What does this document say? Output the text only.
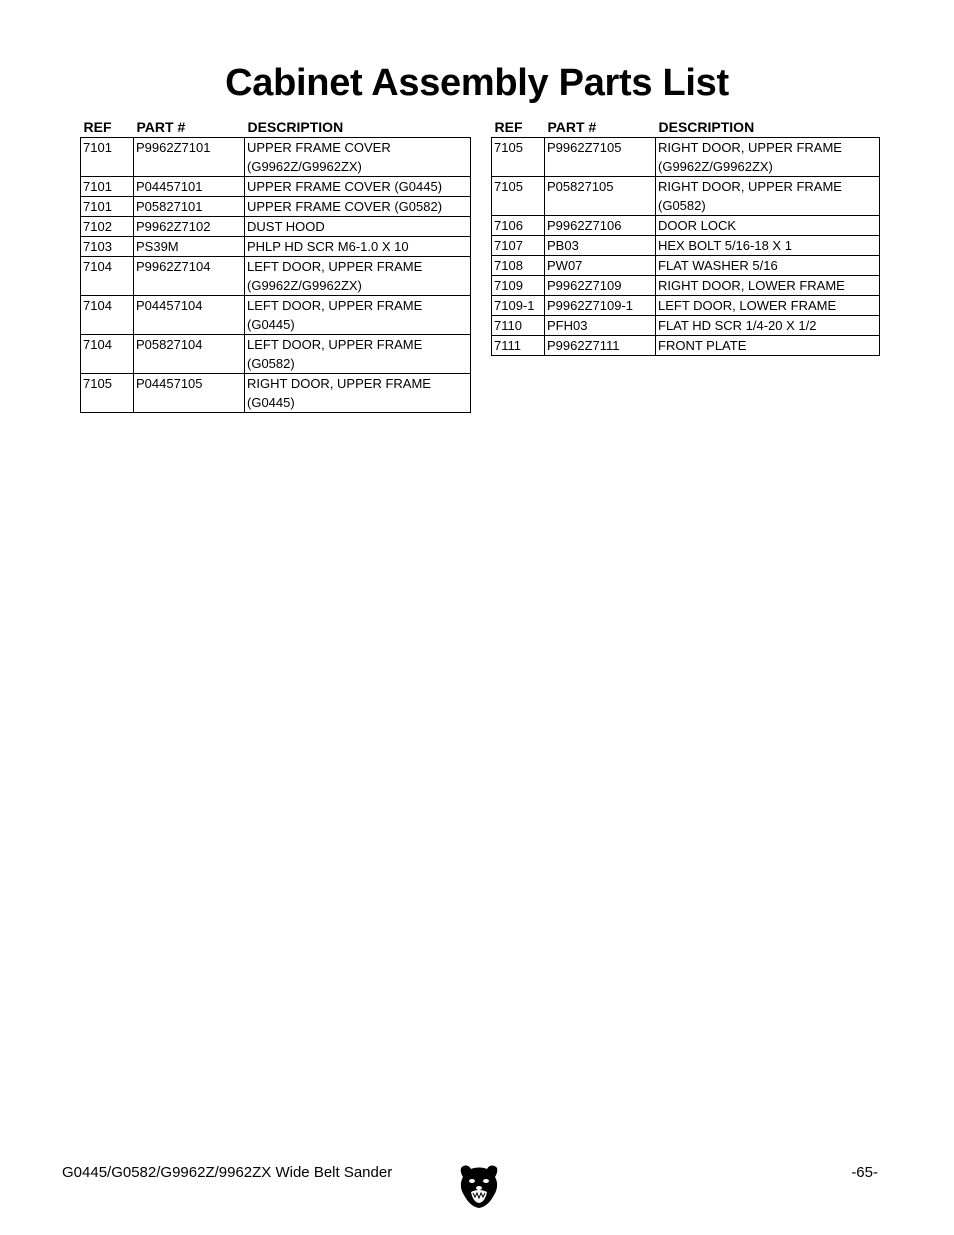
Cabinet Assembly Parts List
REF	PART #	DESCRIPTION
7101	P9962Z7101	UPPER FRAME COVER
(G9962Z/G9962ZX)

7101	P04457101	UPPER FRAME COVER (G0445)

7101	P05827101	UPPER FRAME COVER (G0582)

7102	P9962Z7102	DUST HOOD

7103	PS39M	PHLP HD SCR M6-1.0 X 10

7104	P9962Z7104	LEFT DOOR, UPPER FRAME
(G9962Z/G9962ZX)

7104	P04457104	LEFT DOOR, UPPER FRAME
(G0445)

7104	P05827104	LEFT DOOR, UPPER FRAME
(G0582)

7105	P04457105	RIGHT DOOR, UPPER FRAME
(G0445)
REF	PART #	DESCRIPTION
7105	P9962Z7105	RIGHT DOOR, UPPER FRAME
(G9962Z/G9962ZX)

7105	P05827105	RIGHT DOOR, UPPER FRAME
(G0582)

7106	P9962Z7106	DOOR LOCK

7107	PB03	HEX BOLT 5/16-18 X 1

7108	PW07	FLAT WASHER 5/16

7109	P9962Z7109	RIGHT DOOR, LOWER FRAME

7109-1	P9962Z7109-1	LEFT DOOR, LOWER FRAME

7110	PFH03	FLAT HD SCR 1/4-20 X 1/2

7111	P9962Z7111	FRONT PLATE
G0445/G0582/G9962Z/9962ZX Wide Belt Sander	-65-
